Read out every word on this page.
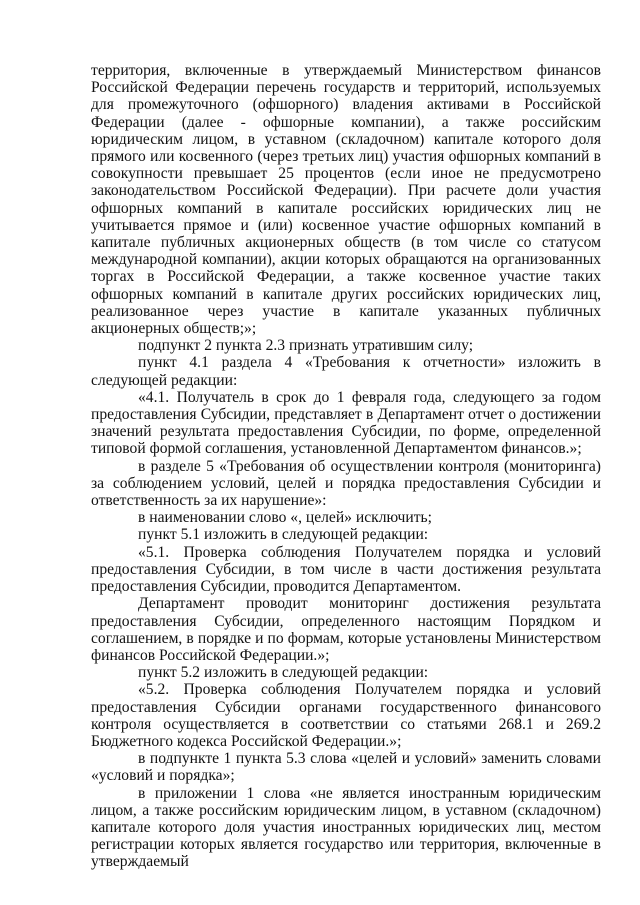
территория, включенные в утверждаемый Министерством финансов Российской Федерации перечень государств и территорий, используемых для промежуточного (офшорного) владения активами в Российской Федерации (далее - офшорные компании), а также российским юридическим лицом, в уставном (складочном) капитале которого доля прямого или косвенного (через третьих лиц) участия офшорных компаний в совокупности превышает 25 процентов (если иное не предусмотрено законодательством Российской Федерации). При расчете доли участия офшорных компаний в капитале российских юридических лиц не учитывается прямое и (или) косвенное участие офшорных компаний в капитале публичных акционерных обществ (в том числе со статусом международной компании), акции которых обращаются на организованных торгах в Российской Федерации, а также косвенное участие таких офшорных компаний в капитале других российских юридических лиц, реализованное через участие в капитале указанных публичных акционерных обществ;»;

подпункт 2 пункта 2.3 признать утратившим силу;

пункт 4.1 раздела 4 «Требования к отчетности» изложить в следующей редакции:

«4.1. Получатель в срок до 1 февраля года, следующего за годом предоставления Субсидии, представляет в Департамент отчет о достижении значений результата предоставления Субсидии, по форме, определенной типовой формой соглашения, установленной Департаментом финансов.»;

в разделе 5 «Требования об осуществлении контроля (мониторинга) за соблюдением условий, целей и порядка предоставления Субсидии и ответственность за их нарушение»:

в наименовании слово «, целей» исключить;

пункт 5.1 изложить в следующей редакции:

«5.1. Проверка соблюдения Получателем порядка и условий предоставления Субсидии, в том числе в части достижения результата предоставления Субсидии, проводится Департаментом.

Департамент проводит мониторинг достижения результата предоставления Субсидии, определенного настоящим Порядком и соглашением, в порядке и по формам, которые установлены Министерством финансов Российской Федерации.»;

пункт 5.2 изложить в следующей редакции:

«5.2. Проверка соблюдения Получателем порядка и условий предоставления Субсидии органами государственного финансового контроля осуществляется в соответствии со статьями 268.1 и 269.2 Бюджетного кодекса Российской Федерации.»;

в подпункте 1 пункта 5.3 слова «целей и условий» заменить словами «условий и порядка»;

в приложении 1 слова «не является иностранным юридическим лицом, а также российским юридическим лицом, в уставном (складочном) капитале которого доля участия иностранных юридических лиц, местом регистрации которых является государство или территория, включенные в утверждаемый
